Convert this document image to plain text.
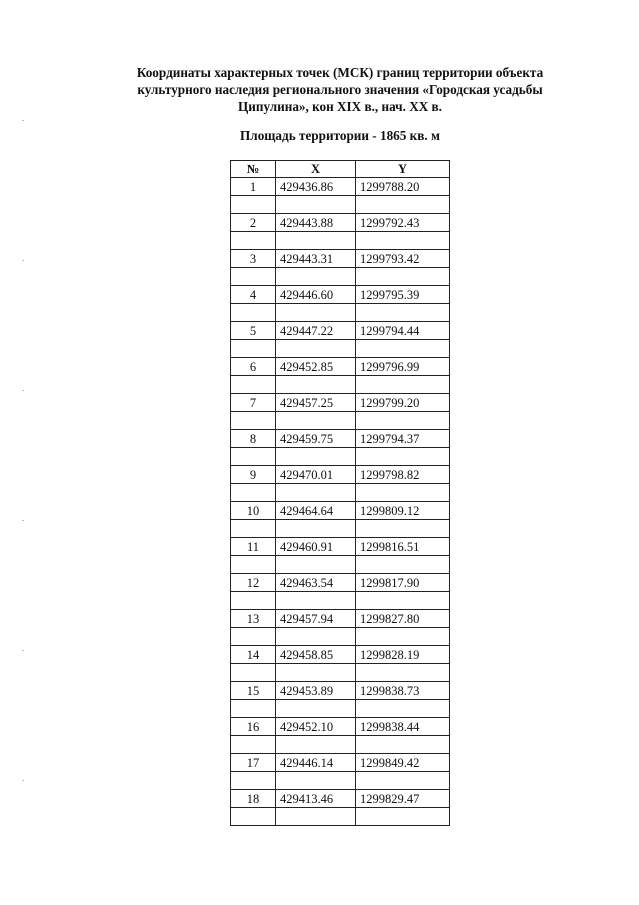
Координаты характерных точек (МСК) границ территории объекта
культурного наследия регионального значения «Городская усадьбы
Ципулина», кон XIX в., нач. XX в.
Площадь территории - 1865 кв. м
№	X	Y
1	429436.86	1299788.20

2	429443.88	1299792.43

3	429443.31	1299793.42

4	429446.60	1299795.39

5	429447.22	1299794.44

6	429452.85	1299796.99

7	429457.25	1299799.20

8	429459.75	1299794.37

9	429470.01	1299798.82

10	429464.64	1299809.12

11	429460.91	1299816.51

12	429463.54	1299817.90

13	429457.94	1299827.80

14	429458.85	1299828.19

15	429453.89	1299838.73

16	429452.10	1299838.44

17	429446.14	1299849.42

18	429413.46	1299829.47
